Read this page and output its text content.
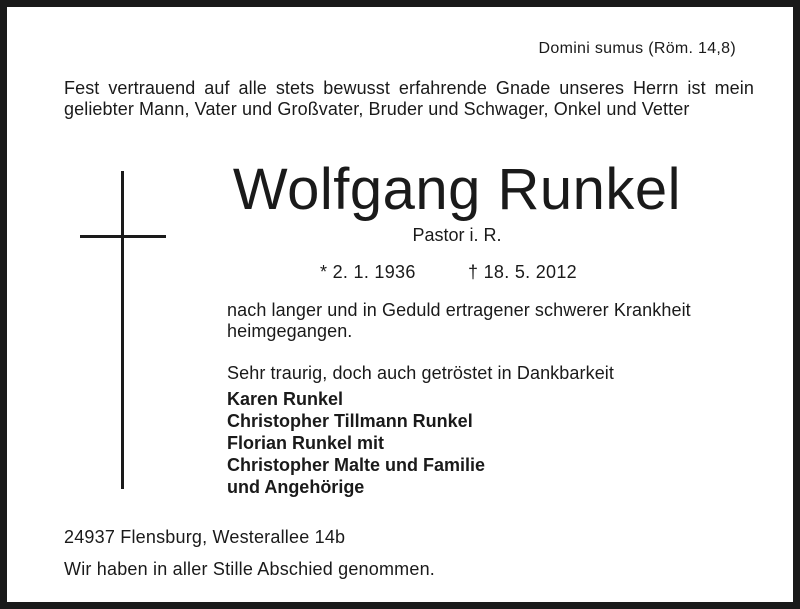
Domini sumus (Röm. 14,8)
Fest vertrauend auf alle stets bewusst erfahrende Gnade unseres Herrn ist mein geliebter Mann, Vater und Großvater, Bruder und Schwager, Onkel und Vetter
Wolfgang Runkel
Pastor i. R.
* 2. 1. 1936	† 18. 5. 2012
nach langer und in Geduld ertragener schwerer Krankheit heimgegangen.
Sehr traurig, doch auch getröstet in Dankbarkeit
Karen Runkel
Christopher Tillmann Runkel
Florian Runkel mit
Christopher Malte und Familie
und Angehörige
24937 Flensburg, Westerallee 14b
Wir haben in aller Stille Abschied genommen.
